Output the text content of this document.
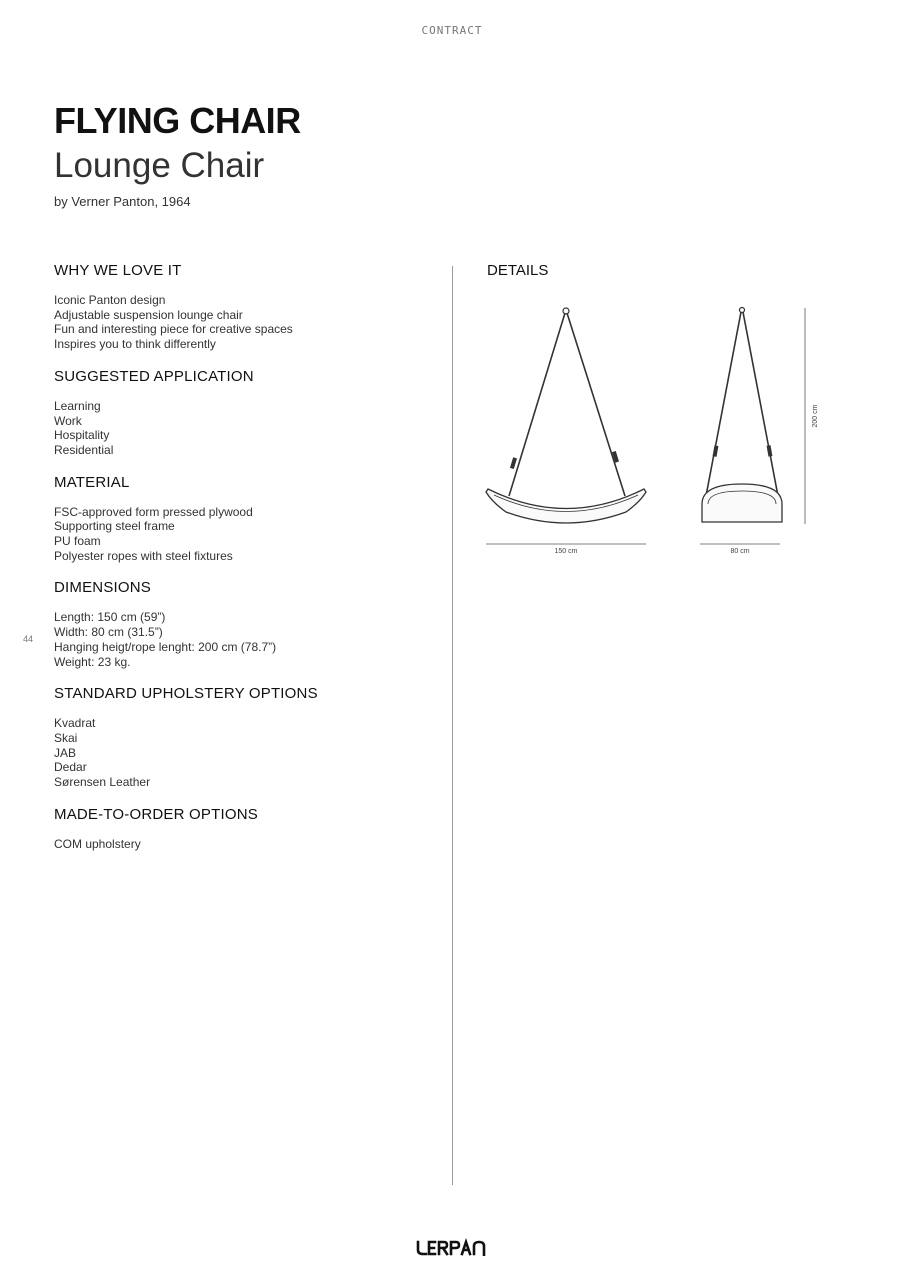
CONTRACT
FLYING CHAIR
Lounge Chair
by Verner Panton, 1964
WHY WE LOVE IT
Iconic Panton design
Adjustable suspension lounge chair
Fun and interesting piece for creative spaces
Inspires you to think differently
SUGGESTED APPLICATION
Learning
Work
Hospitality
Residential
MATERIAL
FSC-approved form pressed plywood
Supporting steel frame
PU foam
Polyester ropes with steel fixtures
DIMENSIONS
Length: 150 cm (59”)
Width: 80 cm (31.5”)
Hanging heigt/rope lenght: 200 cm (78.7”)
Weight: 23 kg.
STANDARD UPHOLSTERY OPTIONS
Kvadrat
Skai
JAB
Dedar
Sørensen Leather
MADE-TO-ORDER OPTIONS
COM upholstery
44
DETAILS
150 cm	80 cm
200 cm
